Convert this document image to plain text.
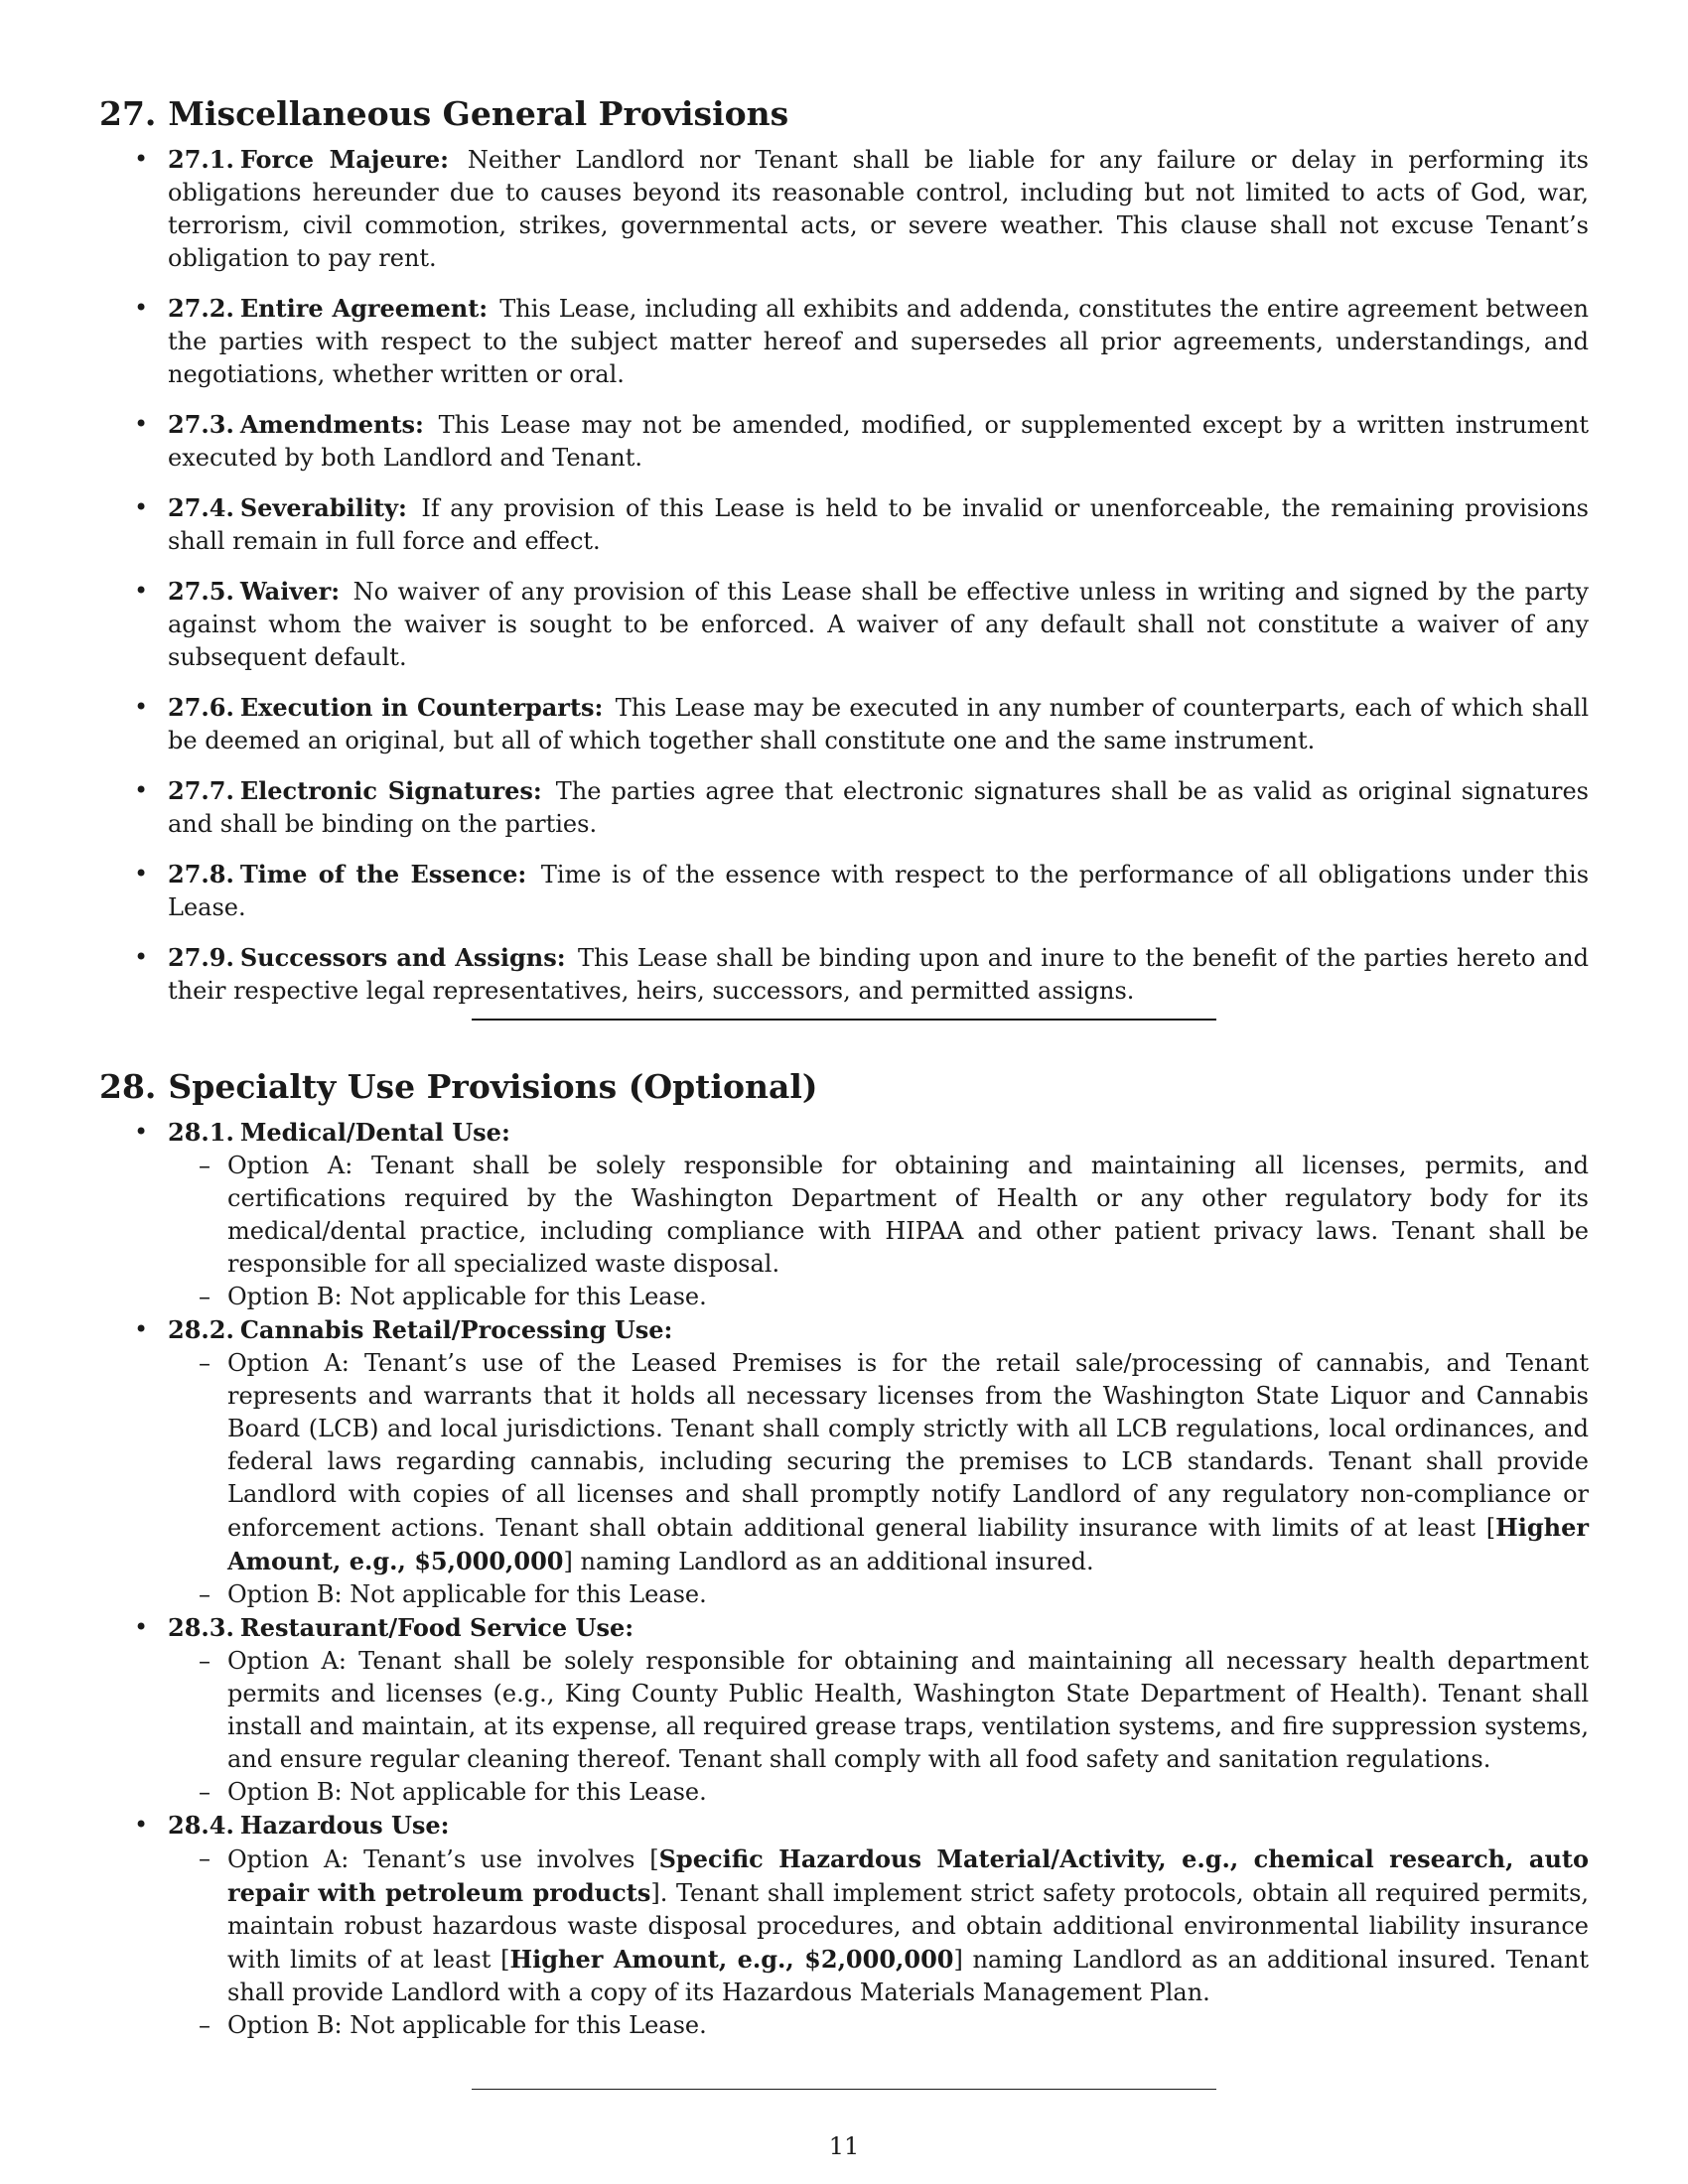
27. Miscellaneous General Provisions
• 27.1. Force Majeure: Neither Landlord nor Tenant shall be liable for any failure or delay in performing its obligations hereunder due to causes beyond its reasonable control, including but not limited to acts of God, war, terrorism, civil commotion, strikes, governmental acts, or severe weather. This clause shall not excuse Tenant’s obligation to pay rent.
• 27.2. Entire Agreement: This Lease, including all exhibits and addenda, constitutes the entire agreement between the parties with respect to the subject matter hereof and supersedes all prior agreements, understandings, and negotiations, whether written or oral.
• 27.3. Amendments: This Lease may not be amended, modified, or supplemented except by a written instrument executed by both Landlord and Tenant.
• 27.4. Severability: If any provision of this Lease is held to be invalid or unenforceable, the remaining provisions shall remain in full force and effect.
• 27.5. Waiver: No waiver of any provision of this Lease shall be effective unless in writing and signed by the party against whom the waiver is sought to be enforced. A waiver of any default shall not constitute a waiver of any subsequent default.
• 27.6. Execution in Counterparts: This Lease may be executed in any number of counterparts, each of which shall be deemed an original, but all of which together shall constitute one and the same instrument.
• 27.7. Electronic Signatures: The parties agree that electronic signatures shall be as valid as original signatures and shall be binding on the parties.
• 27.8. Time of the Essence: Time is of the essence with respect to the performance of all obligations under this Lease.
• 27.9. Successors and Assigns: This Lease shall be binding upon and inure to the benefit of the parties hereto and their respective legal representatives, heirs, successors, and permitted assigns.
28. Specialty Use Provisions (Optional)
• 28.1. Medical/Dental Use:
– Option A: Tenant shall be solely responsible for obtaining and maintaining all licenses, permits, and certifications required by the Washington Department of Health or any other regulatory body for its medical/dental practice, including compliance with HIPAA and other patient privacy laws. Tenant shall be responsible for all specialized waste disposal.
– Option B: Not applicable for this Lease.
• 28.2. Cannabis Retail/Processing Use:
– Option A: Tenant’s use of the Leased Premises is for the retail sale/processing of cannabis, and Tenant represents and warrants that it holds all necessary licenses from the Washington State Liquor and Cannabis Board (LCB) and local jurisdictions. Tenant shall comply strictly with all LCB regulations, local ordinances, and federal laws regarding cannabis, including securing the premises to LCB standards. Tenant shall provide Landlord with copies of all licenses and shall promptly notify Landlord of any regulatory non-compliance or enforcement actions. Tenant shall obtain additional general liability insurance with limits of at least [Higher Amount, e.g., $5,000,000] naming Landlord as an additional insured.
– Option B: Not applicable for this Lease.
• 28.3. Restaurant/Food Service Use:
– Option A: Tenant shall be solely responsible for obtaining and maintaining all necessary health department permits and licenses (e.g., King County Public Health, Washington State Department of Health). Tenant shall install and maintain, at its expense, all required grease traps, ventilation systems, and fire suppression systems, and ensure regular cleaning thereof. Tenant shall comply with all food safety and sanitation regulations.
– Option B: Not applicable for this Lease.
• 28.4. Hazardous Use:
– Option A: Tenant’s use involves [Specific Hazardous Material/Activity, e.g., chemical research, auto repair with petroleum products]. Tenant shall implement strict safety protocols, obtain all required permits, maintain robust hazardous waste disposal procedures, and obtain additional environmental liability insurance with limits of at least [Higher Amount, e.g., $2,000,000] naming Landlord as an additional insured. Tenant shall provide Landlord with a copy of its Hazardous Materials Management Plan.
– Option B: Not applicable for this Lease.
11
